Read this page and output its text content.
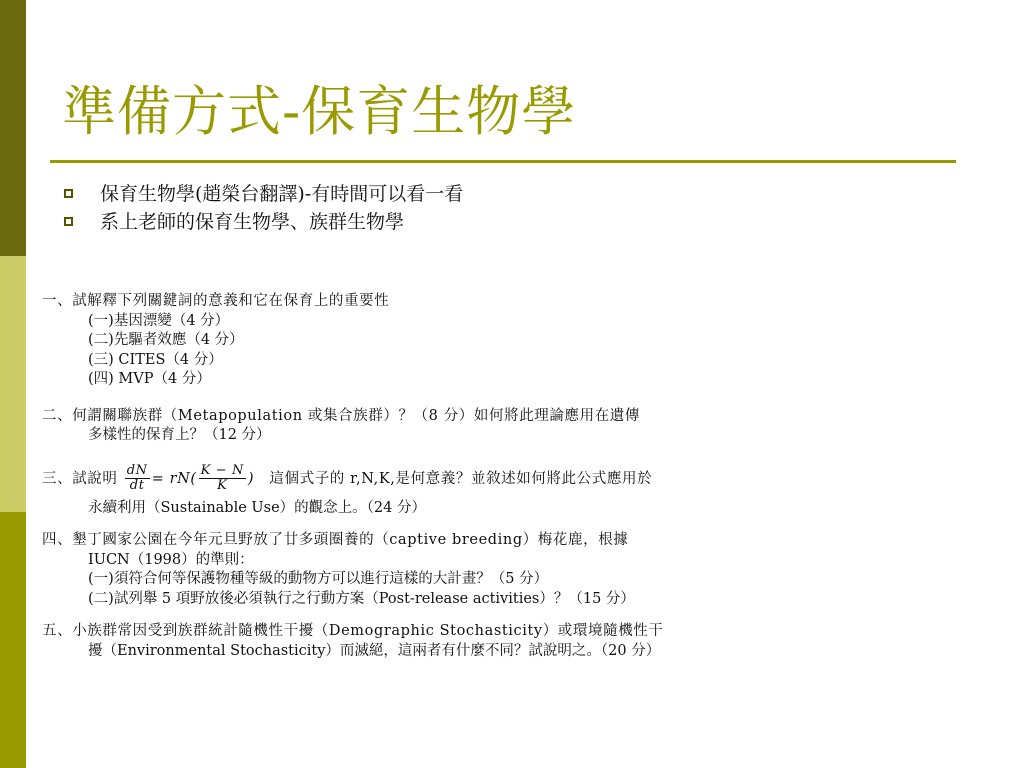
準備方式-保育生物學
保育生物學(趙榮台翻譯)-有時間可以看一看
系上老師的保育生物學、族群生物學
一、試解釋下列關鍵詞的意義和它在保育上的重要性
(一)基因漂變（4 分）
(二)先驅者效應（4 分）
(三) CITES（4 分）
(四) MVP（4 分）
二、何謂關聯族群（Metapopulation 或集合族群）？（8 分）如何將此理論應用在遺傳
多樣性的保育上？（12 分）
三、試說明 $\frac{dN}{dt} = rN( \frac{K - N}{K}$ ) 這個式子的 r,N,K,是何意義？並敘述如何將此公式應用於
永續利用（Sustainable Use）的觀念上。（24 分）
四、墾丁國家公園在今年元旦野放了廿多頭圈養的（captive breeding）梅花鹿，根據
IUCN（1998）的準則：
(一)須符合何等保護物種等級的動物方可以進行這樣的大計畫？（5 分）
(二)試列舉 5 項野放後必須執行之行動方案（Post-release activities）？（15 分）
五、小族群常因受到族群統計隨機性干擾（Demographic Stochasticity）或環境隨機性干
擾（Environmental Stochasticity）而滅絕，這兩者有什麼不同？試說明之。（20 分）
